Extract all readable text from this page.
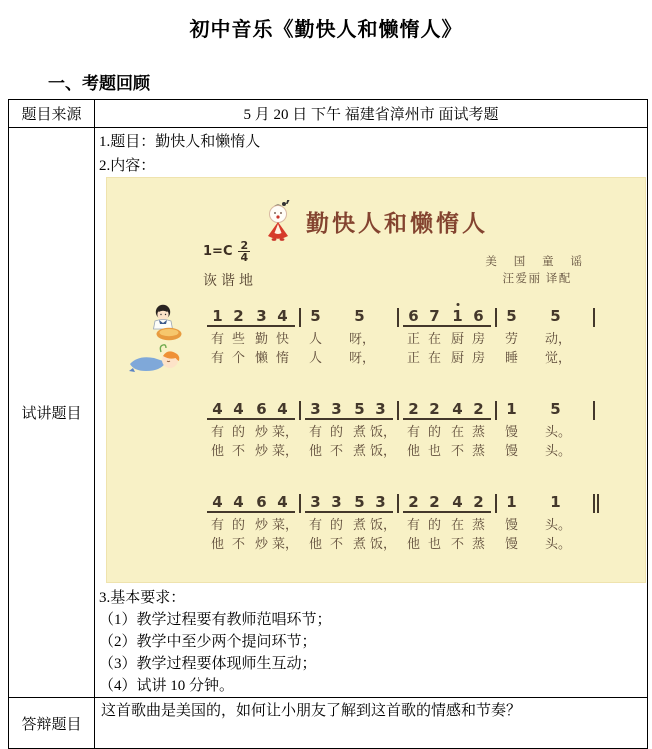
初中音乐《勤快人和懒惰人》
一、考题回顾
题目来源	5 月 20 日 下午 福建省漳州市 面试考题
试讲题目	
1.题目：勤快人和懒惰人
2.内容：
勤快人和懒惰人
$1=C \frac{2}{4}$
诙谐地
美 国 童 谣
汪爱丽 译配
1 2 3 4
有 些 勤 快
有 个 懒 惰
5	5
人	呀，
人	呀，
6 7 1 6
正 在 厨 房
正 在 厨 房
5	5
劳	动，
睡	觉，
4 4 6 4
有 的 炒 菜，
他 不 炒 菜，
3 3 5 3
有 的 煮 饭，
他 不 煮 饭，
2 2 4 2
有 的 在 蒸
他 也 不 蒸
1	5
馒	头。
馒	头。
4 4 6 4
有 的 炒 菜，
他 不 炒 菜，
3 3 5 3
有 的 煮 饭，
他 不 煮 饭，
2 2 4 2
有 的 在 蒸
他 也 不 蒸
1	1
馒	头。
馒	头。
3.基本要求：
（1）教学过程要有教师范唱环节；
（2）教学中至少两个提问环节；
（3）教学过程要体现师生互动；
（4）试讲 10 分钟。

答辩题目	这首歌曲是美国的，如何让小朋友了解到这首歌的情感和节奏？
